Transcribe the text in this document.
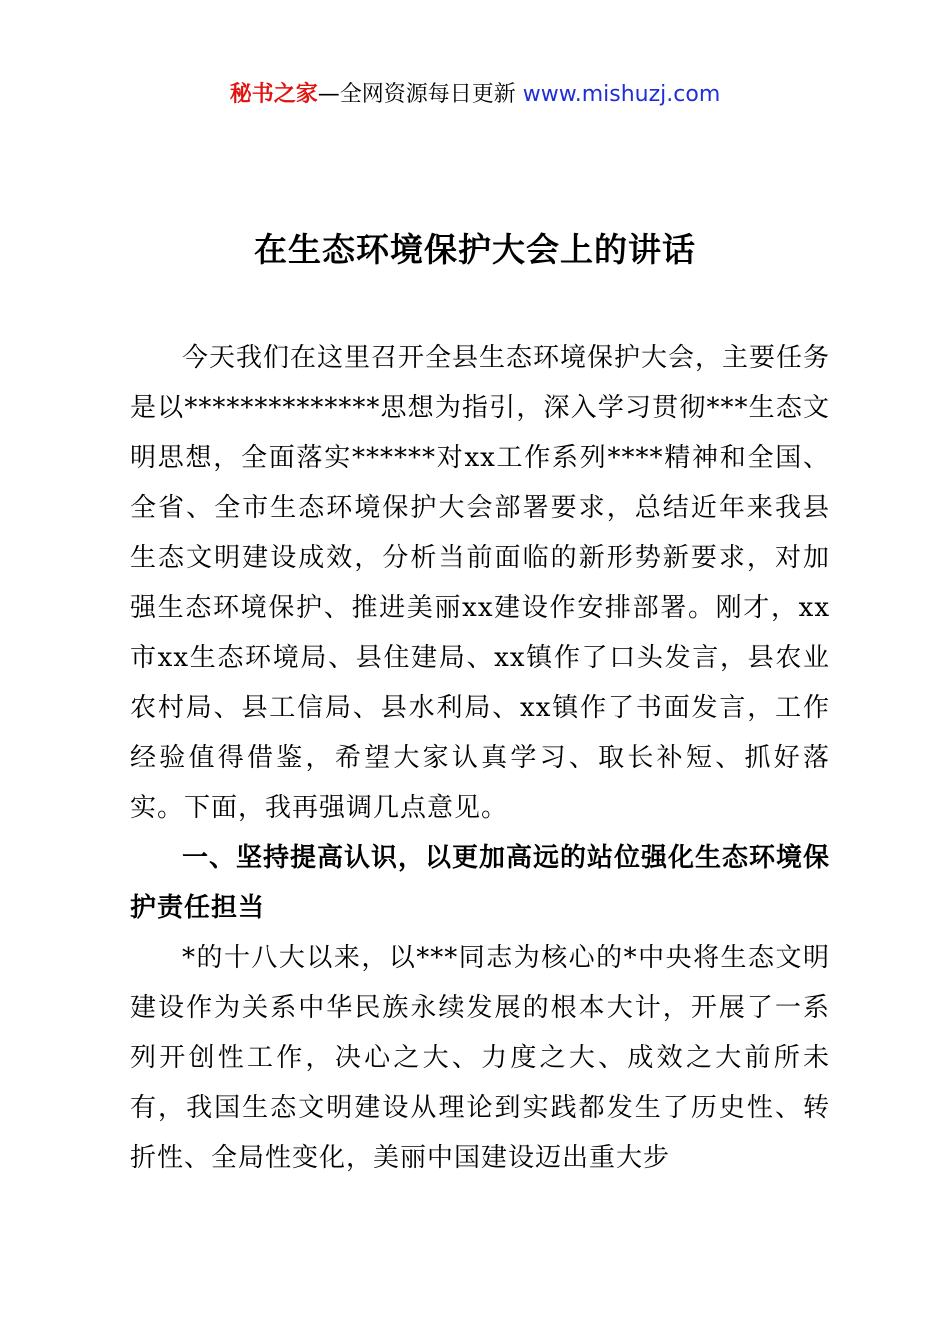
秘书之家—全网资源每日更新 www.mishuzj.com
在生态环境保护大会上的讲话

今天我们在这里召开全县生态环境保护大会，主要任务是以**************思想为指引，深入学习贯彻***生态文明思想，全面落实******对xx工作系列****精神和全国、全省、全市生态环境保护大会部署要求，总结近年来我县生态文明建设成效，分析当前面临的新形势新要求，对加强生态环境保护、推进美丽xx建设作安排部署。刚才，xx市xx生态环境局、县住建局、xx镇作了口头发言，县农业农村局、县工信局、县水利局、xx镇作了书面发言，工作经验值得借鉴，希望大家认真学习、取长补短、抓好落实。下面，我再强调几点意见。

一、坚持提高认识，以更加高远的站位强化生态环境保护责任担当

*的十八大以来，以***同志为核心的*中央将生态文明建设作为关系中华民族永续发展的根本大计，开展了一系列开创性工作，决心之大、力度之大、成效之大前所未有，我国生态文明建设从理论到实践都发生了历史性、转折性、全局性变化，美丽中国建设迈出重大步
